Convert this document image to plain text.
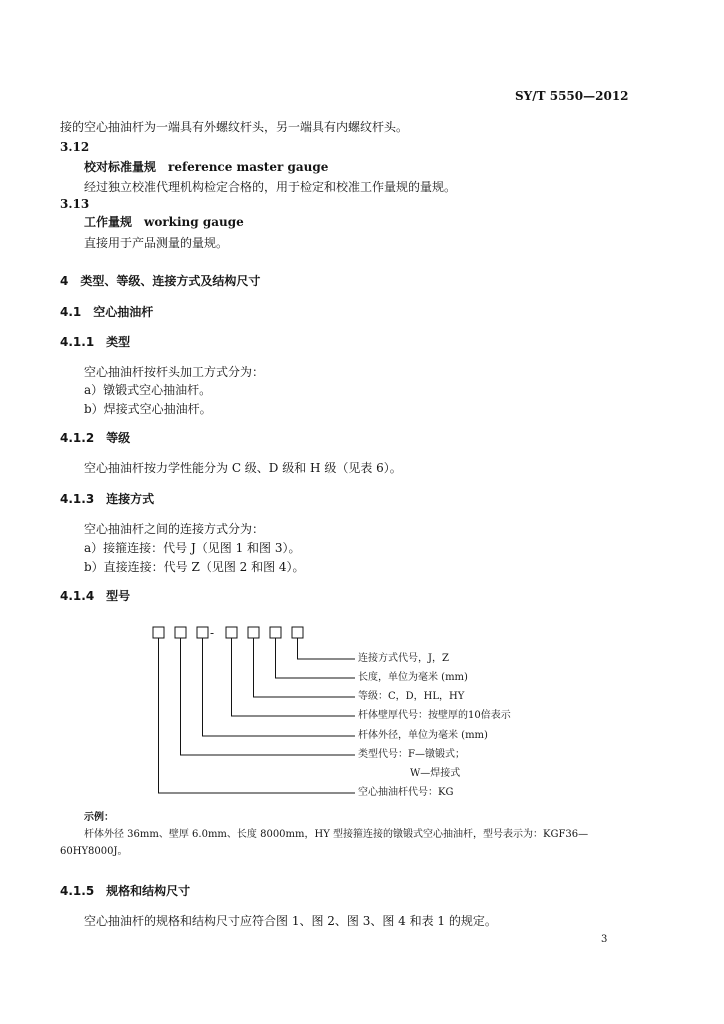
SY/T 5550—2012
接的空心抽油杆为一端具有外螺纹杆头，另一端具有内螺纹杆头。
3.12
校对标准量规　reference master gauge
经过独立校准代理机构检定合格的，用于检定和校准工作量规的量规。
3.13
工作量规　working gauge
直接用于产品测量的量规。
4　类型、等级、连接方式及结构尺寸
4.1　空心抽油杆
4.1.1　类型
空心抽油杆按杆头加工方式分为：
a）镦锻式空心抽油杆。
b）焊接式空心抽油杆。
4.1.2　等级
空心抽油杆按力学性能分为 C 级、D 级和 H 级（见表 6）。
4.1.3　连接方式
空心抽油杆之间的连接方式分为：
a）接箍连接：代号 J（见图 1 和图 3）。
b）直接连接：代号 Z（见图 2 和图 4）。
4.1.4　型号
-
连接方式代号，J，Z
长度，单位为毫米 (mm)
等级：C，D，HL，HY
杆体壁厚代号：按壁厚的10倍表示
杆体外径，单位为毫米 (mm)
类型代号：F—镦锻式；
W—焊接式
空心抽油杆代号：KG
示例：
杆体外径 36mm、壁厚 6.0mm、长度 8000mm，HY 型接箍连接的镦锻式空心抽油杆，型号表示为：KGF36—
60HY8000J。
4.1.5　规格和结构尺寸
空心抽油杆的规格和结构尺寸应符合图 1、图 2、图 3、图 4 和表 1 的规定。
3
